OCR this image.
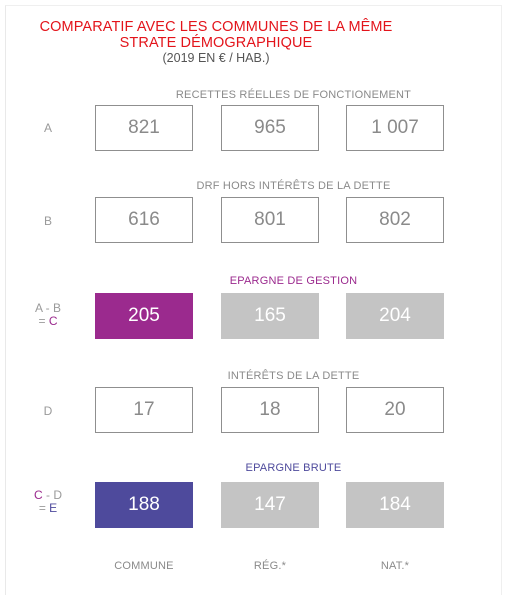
COMPARATIF AVEC LES COMMUNES DE LA MÊME
STRATE DÉMOGRAPHIQUE
(2019 EN € / HAB.)
RECETTES RÉELLES DE FONCTIONEMENT
A	821	965	1 007
DRF HORS INTÉRÊTS DE LA DETTE
B	616	801	802
EPARGNE DE GESTION
A - B
= C	205	165	204
INTÉRÊTS DE LA DETTE
D	17	18	20
EPARGNE BRUTE
C - D
= E	188	147	184
COMMUNE	RÉG.*	NAT.*
